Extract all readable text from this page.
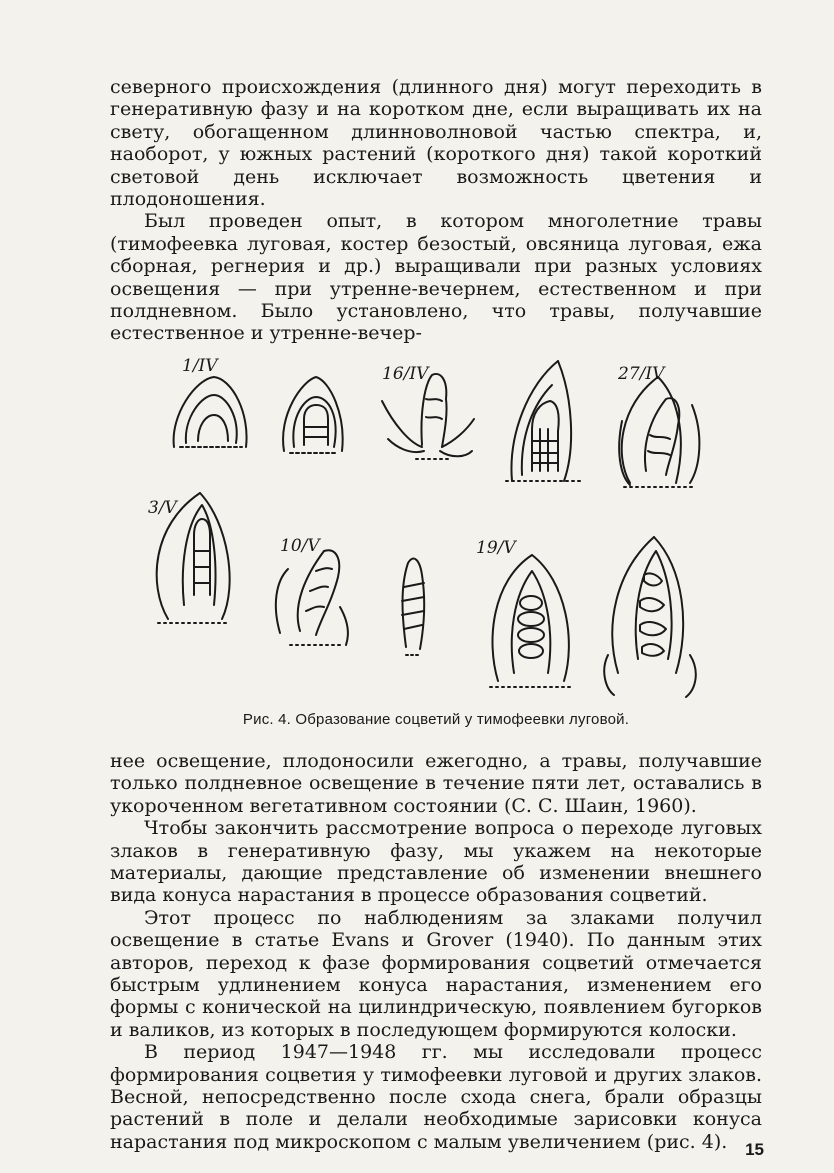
северного происхождения (длинного дня) могут переходить в генеративную фазу и на коротком дне, если выращивать их на свету, обогащенном длинноволновой частью спектра, и, наоборот, у южных растений (короткого дня) такой короткий световой день исключает возможность цветения и плодоношения.

Был проведен опыт, в котором многолетние травы (тимофеевка луговая, костер безостый, овсяница луговая, ежа сборная, регнерия и др.) выращивали при разных условиях освещения — при утренне-вечернем, естественном и при полдневном. Было установлено, что травы, получавшие естественное и утренне-вечер-

1/IV	16/IV	27/IV
3/V
10/V	19/V
Рис. 4. Образование соцветий у тимофеевки луговой.

нее освещение, плодоносили ежегодно, а травы, получавшие только полдневное освещение в течение пяти лет, оставались в укороченном вегетативном состоянии (С. С. Шаин, 1960).

Чтобы закончить рассмотрение вопроса о переходе луговых злаков в генеративную фазу, мы укажем на некоторые материалы, дающие представление об изменении внешнего вида конуса нарастания в процессе образования соцветий.

Этот процесс по наблюдениям за злаками получил освещение в статье Evans и Grover (1940). По данным этих авторов, переход к фазе формирования соцветий отмечается быстрым удлинением конуса нарастания, изменением его формы с конической на цилиндрическую, появлением бугорков и валиков, из которых в последующем формируются колоски.

В период 1947—1948 гг. мы исследовали процесс формирования соцветия у тимофеевки луговой и других злаков. Весной, непосредственно после схода снега, брали образцы растений в поле и делали необходимые зарисовки конуса нарастания под микроскопом с малым увеличением (рис. 4).	15
